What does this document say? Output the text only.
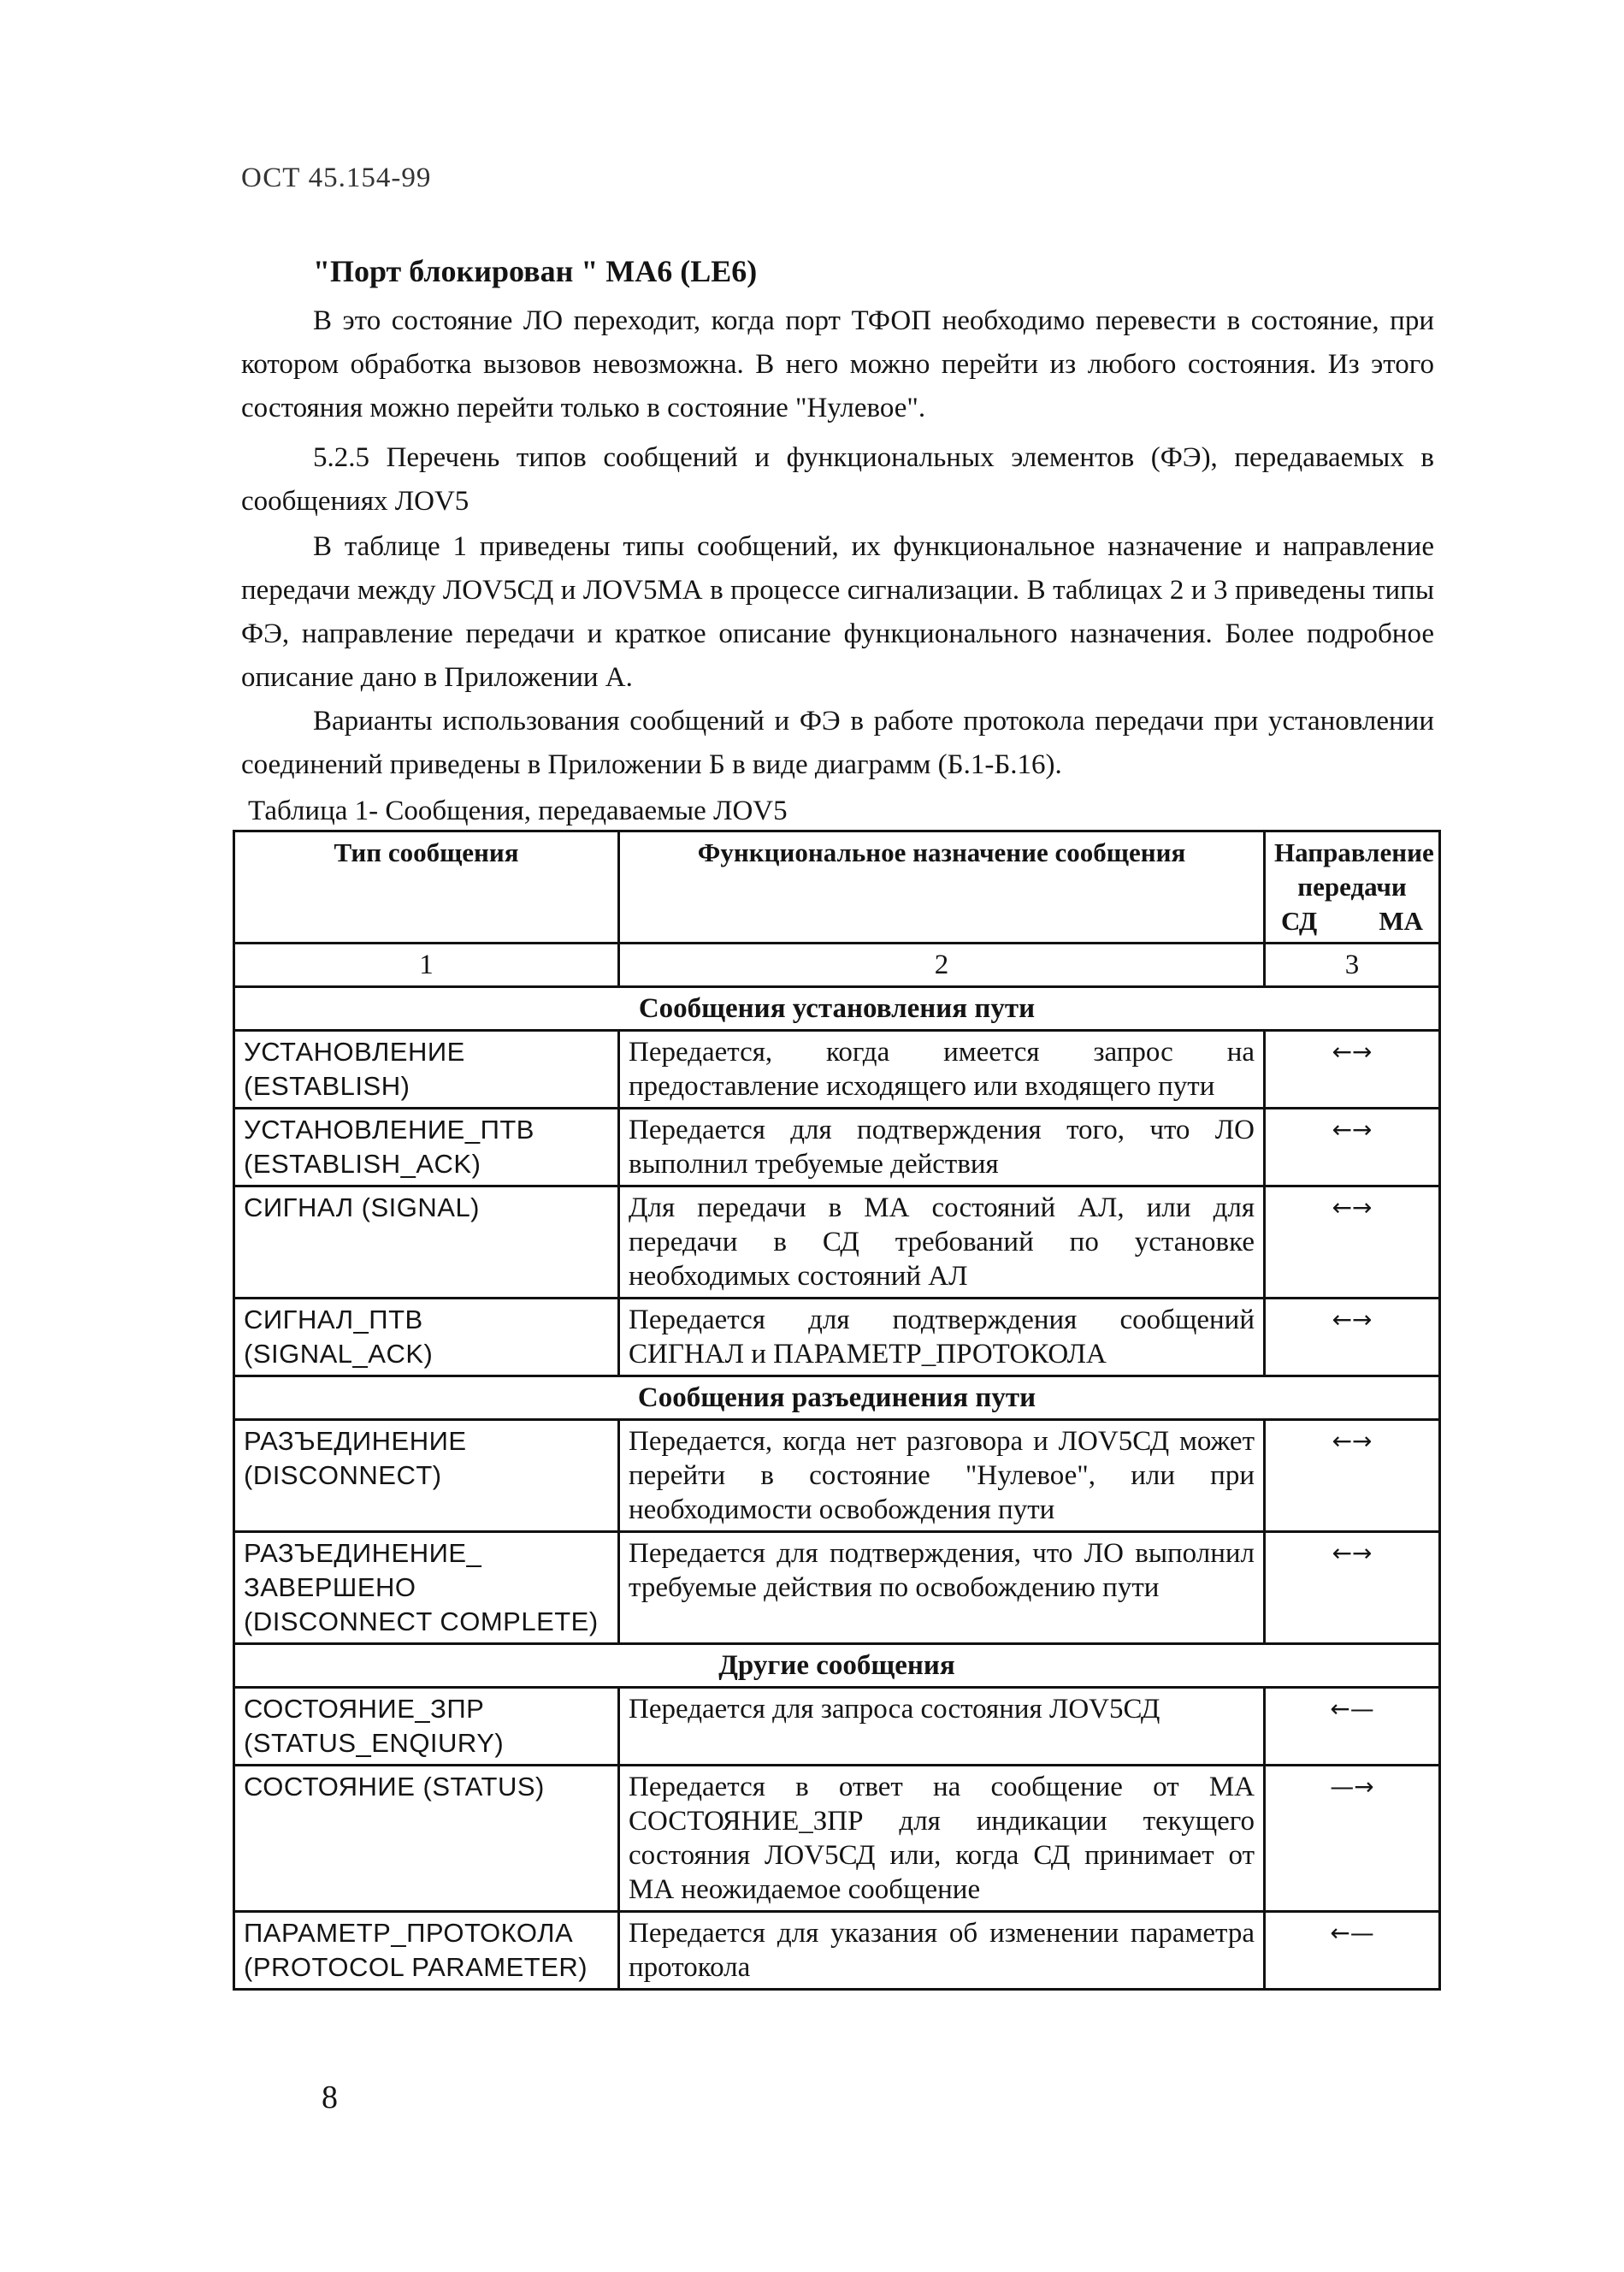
ОСТ 45.154-99
"Порт блокирован " МА6 (LE6)
В это состояние ЛО переходит, когда порт ТФОП необходимо перевести в состояние, при котором обработка вызовов невозможна. В него можно перейти из любого состояния. Из этого состояния можно перейти только в состояние "Нулевое".
5.2.5 Перечень типов сообщений и функциональных элементов (ФЭ), передаваемых в сообщениях ЛОV5
В таблице 1 приведены типы сообщений, их функциональное назначение и направление передачи между ЛОV5СД и ЛОV5МА в процессе сигнализации. В таблицах 2 и 3 приведены типы ФЭ, направление передачи и краткое описание функционального назначения. Более подробное описание дано в Приложении А.
Варианты использования сообщений и ФЭ в работе протокола передачи при установлении соединений приведены в Приложении Б в виде диаграмм (Б.1-Б.16).
Таблица 1- Сообщения, передаваемые ЛОV5
Тип сообщения	Функциональное назначение сообщения	Направление передачи
СД МА

1	2	3
Сообщения установления пути		
УСТАНОВЛЕНИЕ (ESTABLISH)	Передается, когда имеется запрос на предоставление исходящего или входящего пути	←→
УСТАНОВЛЕНИЕ_ПТВ (ESTABLISH_ACK)	Передается для подтверждения того, что ЛО выполнил требуемые действия	←→
СИГНАЛ (SIGNAL)	Для передачи в МА состояний АЛ, или для передачи в СД требований по установке необходимых состояний АЛ	←→
СИГНАЛ_ПТВ (SIGNAL_ACK)	Передается для подтверждения сообщений СИГНАЛ и ПАРАМЕТР_ПРОТОКОЛА	←→
Сообщения разъединения пути		
РАЗЪЕДИНЕНИЕ (DISCONNECT)	Передается, когда нет разговора и ЛОV5СД может перейти в состояние "Нулевое", или при необходимости освобождения пути	←→
РАЗЪЕДИНЕНИЕ_ ЗАВЕРШЕНО (DISCONNECT COMPLETE)	Передается для подтверждения, что ЛО выполнил требуемые действия по освобождению пути	←→
Другие сообщения		
СОСТОЯНИЕ_ЗПР (STATUS_ENQIURY)	Передается для запроса состояния ЛОV5СД	←—
СОСТОЯНИЕ (STATUS)	Передается в ответ на сообщение от МА СОСТОЯНИЕ_ЗПР для индикации текущего состояния ЛОV5СД или, когда СД принимает от МА неожидаемое сообщение	—→
ПАРАМЕТР_ПРОТОКОЛА (PROTOCOL PARAMETER)	Передается для указания об изменении параметра протокола	←—
8
